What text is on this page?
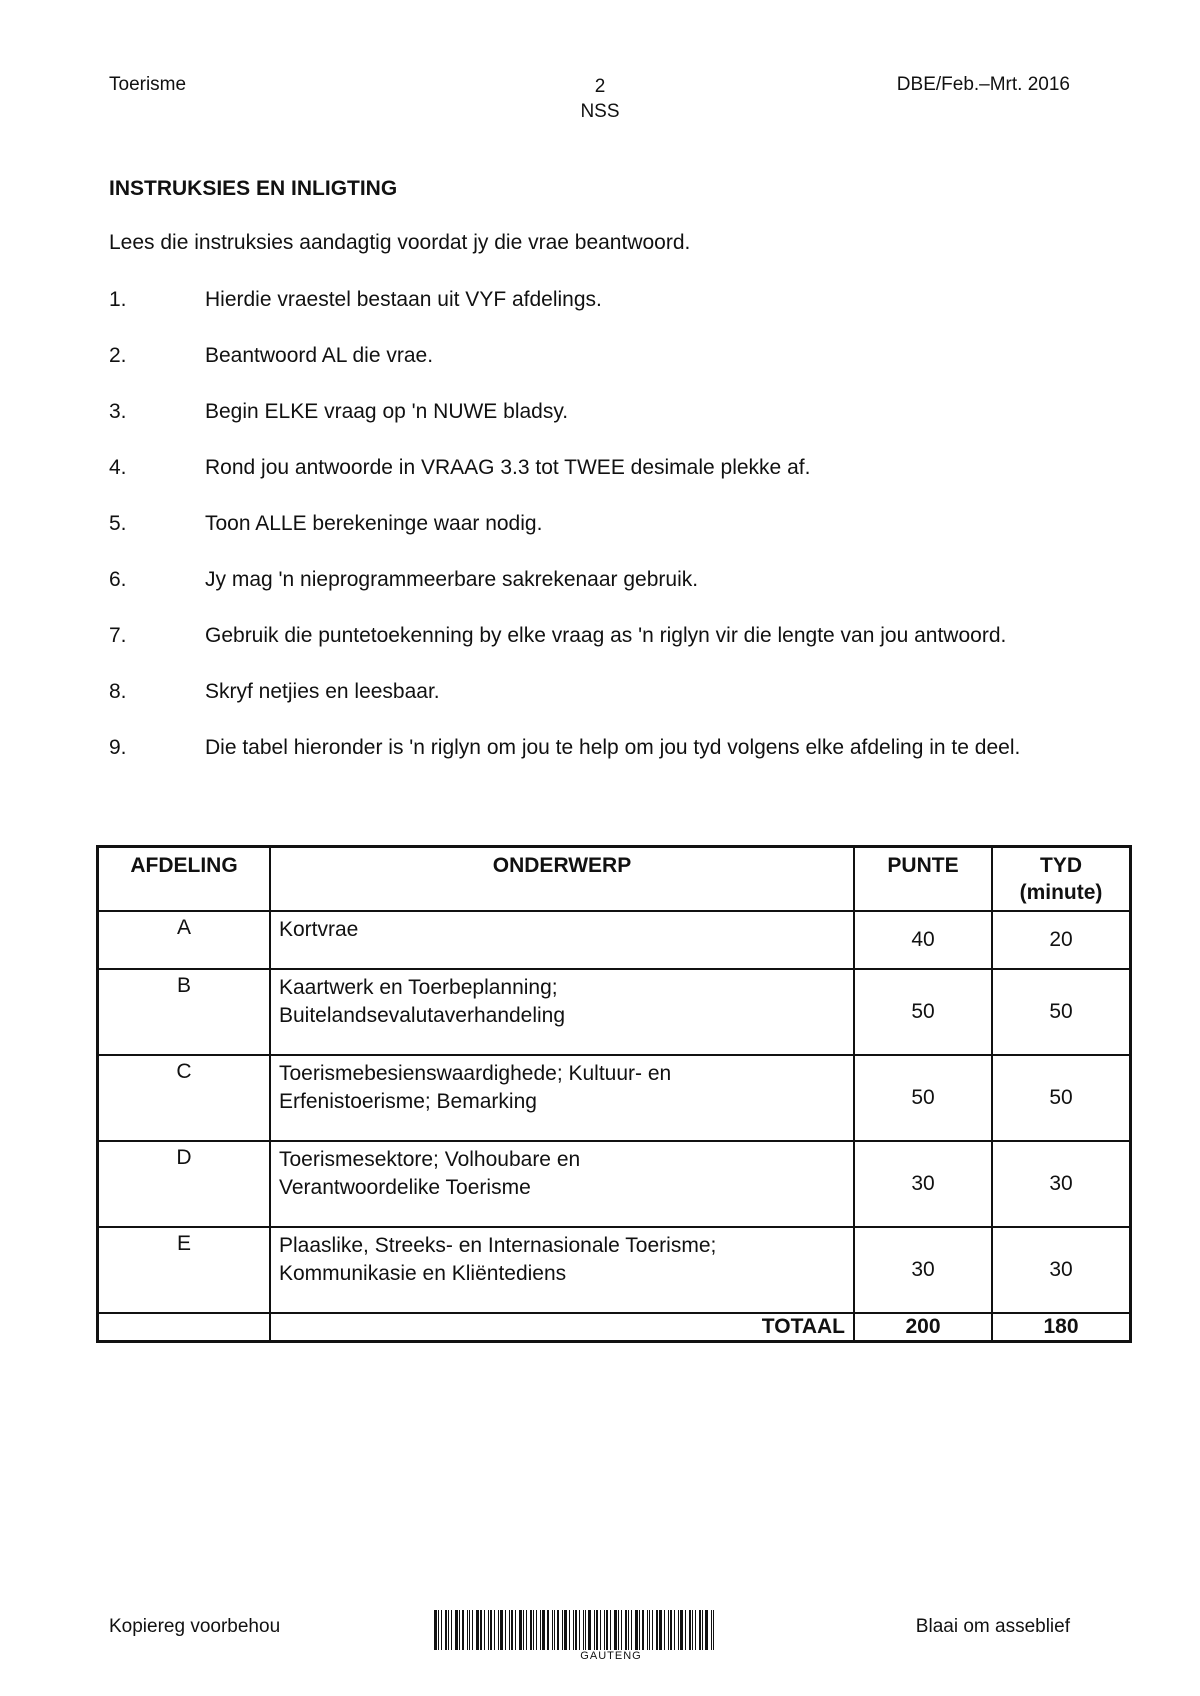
Toerisme	2
NSS
DBE/Feb.–Mrt. 2016
INSTRUKSIES EN INLIGTING
Lees die instruksies aandagtig voordat jy die vrae beantwoord.
1.	Hierdie vraestel bestaan uit VYF afdelings.
2.	Beantwoord AL die vrae.
3.	Begin ELKE vraag op 'n NUWE bladsy.
4.	Rond jou antwoorde in VRAAG 3.3 tot TWEE desimale plekke af.
5.	Toon ALLE berekeninge waar nodig.
6.	Jy mag 'n nieprogrammeerbare sakrekenaar gebruik.
7.	Gebruik die puntetoekenning by elke vraag as 'n riglyn vir die lengte van jou antwoord.
8.	Skryf netjies en leesbaar.
9.	Die tabel hieronder is 'n riglyn om jou te help om jou tyd volgens elke afdeling in te deel.
AFDELING	ONDERWERP	PUNTE	TYD
(minute)

A	Kortvrae	40	20
B	Kaartwerk en Toerbeplanning;
Buitelandsevalutaverhandeling	50	50
C	Toerismebesienswaardighede; Kultuur- en
Erfenistoerisme; Bemarking	50	50
D	Toerismesektore; Volhoubare en
Verantwoordelike Toerisme	30	30
E	Plaaslike, Streeks- en Internasionale Toerisme;
Kommunikasie en Kliëntediens	30	30
	TOTAAL	200	180
Kopiereg voorbehou
GAUTENG
Blaai om asseblief
